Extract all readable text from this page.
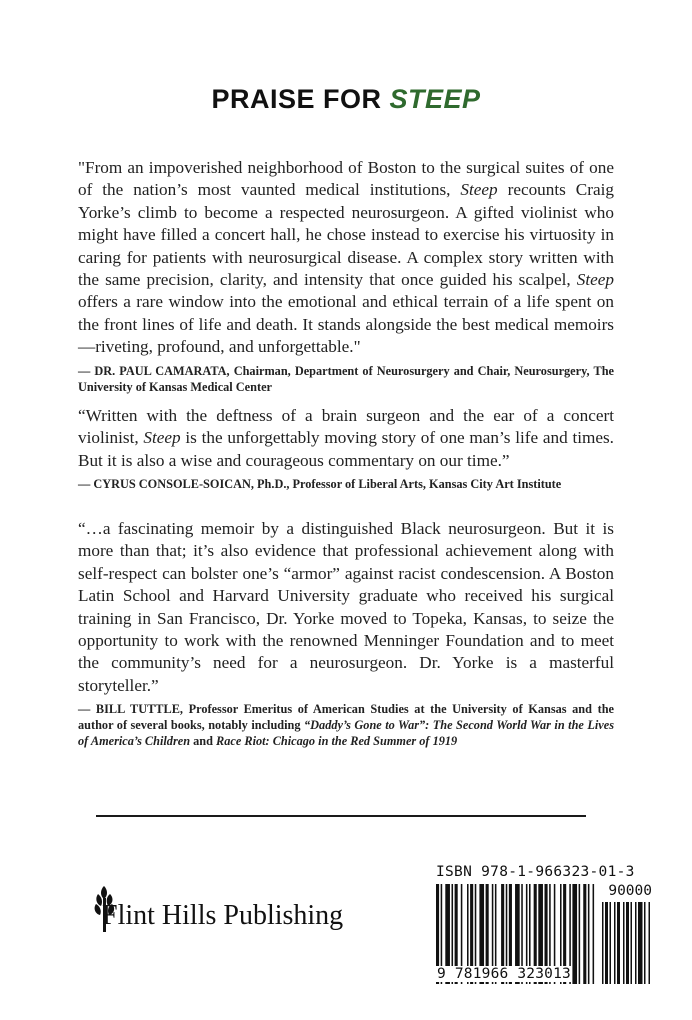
PRAISE FOR STEEP

"From an impoverished neighborhood of Boston to the surgical suites of one of the nation’s most vaunted medical institutions, Steep recounts Craig Yorke’s climb to become a respected neurosurgeon. A gifted violinist who might have filled a concert hall, he chose instead to exercise his virtuosity in caring for patients with neurosurgical disease. A complex story written with the same precision, clarity, and intensity that once guided his scalpel, Steep offers a rare window into the emotional and ethical terrain of a life spent on the front lines of life and death. It stands alongside the best medical memoirs—riveting, profound, and unforgettable."

— DR. PAUL CAMARATA, Chairman, Department of Neurosurgery and Chair, Neurosurgery, The University of Kansas Medical Center

“Written with the deftness of a brain surgeon and the ear of a concert violinist, Steep is the unforgettably moving story of one man’s life and times. But it is also a wise and courageous commentary on our time.”

— CYRUS CONSOLE-SOICAN, Ph.D., Professor of Liberal Arts, Kansas City Art Institute

“…a fascinating memoir by a distinguished Black neurosurgeon. But it is more than that; it’s also evidence that professional achievement along with self-respect can bolster one’s “armor” against racist condescension. A Boston Latin School and Harvard University graduate who received his surgical training in San Francisco, Dr. Yorke moved to Topeka, Kansas, to seize the opportunity to work with the renowned Menninger Foundation and to meet the community’s need for a neurosurgeon. Dr. Yorke is a masterful storyteller.”

— BILL TUTTLE, Professor Emeritus of American Studies at the University of Kansas and the author of several books, notably including “Daddy’s Gone to War”: The Second World War in the Lives of America’s Children and Race Riot: Chicago in the Red Summer of 1919

Flint Hills Publishing
ISBN 978-1-966323-01-3
90000
9 781966 323013
